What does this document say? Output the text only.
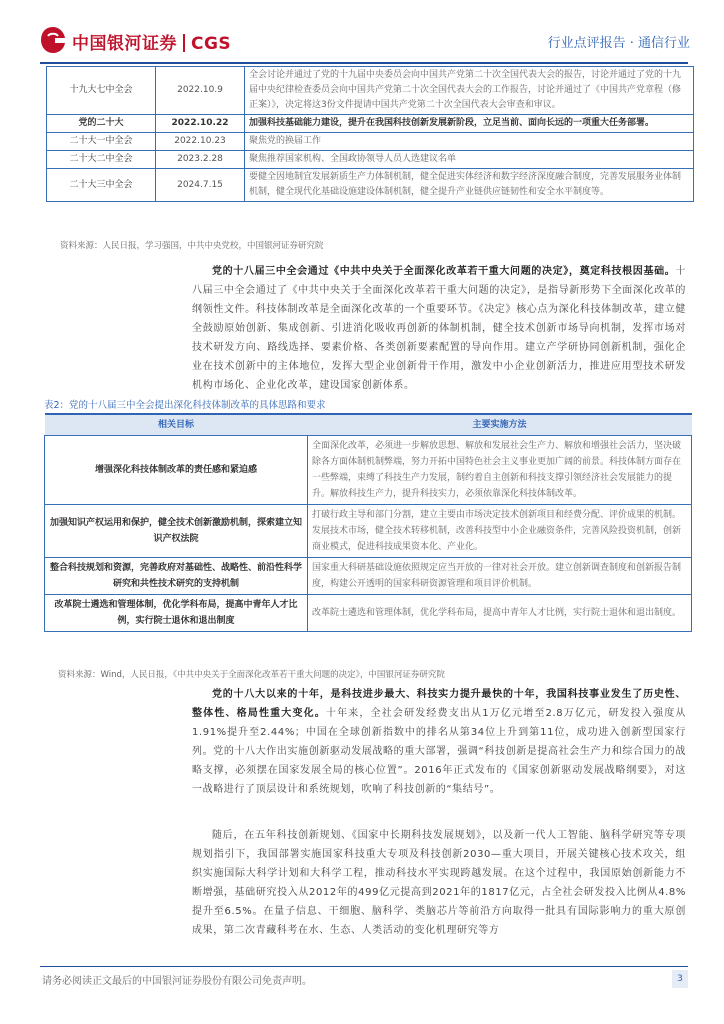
中国银河证券 CGS	行业点评报告 · 通信行业
十九大七中全会	2022.10.9	全会讨论并通过了党的十九届中央委员会向中国共产党第二十次全国代表大会的报告，讨论并通过了党的十九届中央纪律检查委员会向中国共产党第二十次全国代表大会的工作报告，讨论并通过了《中国共产党章程（修正案）》，决定将这3份文件提请中国共产党第二十次全国代表大会审查和审议。
党的二十大	2022.10.22	加强科技基础能力建设，提升在我国科技创新发展新阶段，立足当前、面向长远的一项重大任务部署。
二十大一中全会	2022.10.23	聚焦党的换届工作
二十大二中全会	2023.2.28	聚焦推荐国家机构、全国政协领导人员人选建议名单
二十大三中全会	2024.7.15	要健全因地制宜发展新质生产力体制机制，健全促进实体经济和数字经济深度融合制度，完善发展服务业体制机制，健全现代化基础设施建设体制机制，健全提升产业链供应链韧性和安全水平制度等。
资料来源：人民日报，学习强国，中共中央党校，中国银河证券研究院
党的十八届三中全会通过《中共中央关于全面深化改革若干重大问题的决定》，奠定科技根因基础。十八届三中全会通过了《中共中央关于全面深化改革若干重大问题的决定》，是指导新形势下全面深化改革的纲领性文件。科技体制改革是全面深化改革的一个重要环节。《决定》核心点为深化科技体制改革，建立健全鼓励原始创新、集成创新、引进消化吸收再创新的体制机制，健全技术创新市场导向机制，发挥市场对技术研发方向、路线选择、要素价格、各类创新要素配置的导向作用。建立产学研协同创新机制，强化企业在技术创新中的主体地位，发挥大型企业创新骨干作用，激发中小企业创新活力，推进应用型技术研发机构市场化、企业化改革，建设国家创新体系。
表2：党的十八届三中全会提出深化科技体制改革的具体思路和要求
相关目标	主要实施方法
增强深化科技体制改革的责任感和紧迫感	全面深化改革，必须进一步解放思想、解放和发展社会生产力、解放和增强社会活力，坚决破除各方面体制机制弊端，努力开拓中国特色社会主义事业更加广阔的前景。科技体制方面存在一些弊端，束缚了科技生产力发展，制约着自主创新和科技支撑引领经济社会发展能力的提升。解放科技生产力，提升科技实力，必须依靠深化科技体制改革。
加强知识产权运用和保护，健全技术创新激励机制，探索建立知识产权法院	打破行政主导和部门分割，建立主要由市场决定技术创新项目和经费分配、评价成果的机制。发展技术市场，健全技术转移机制，改善科技型中小企业融资条件，完善风险投资机制，创新商业模式，促进科技成果资本化、产业化。
整合科技规划和资源，完善政府对基础性、战略性、前沿性科学研究和共性技术研究的支持机制	国家重大科研基础设施依照规定应当开放的一律对社会开放。建立创新调查制度和创新报告制度，构建公开透明的国家科研资源管理和项目评价机制。
改革院士遴选和管理体制，优化学科布局，提高中青年人才比例，实行院士退休和退出制度	改革院士遴选和管理体制，优化学科布局，提高中青年人才比例，实行院士退休和退出制度。
资料来源：Wind，人民日报，《中共中央关于全面深化改革若干重大问题的决定》，中国银河证券研究院
党的十八大以来的十年，是科技进步最大、科技实力提升最快的十年，我国科技事业发生了历史性、整体性、格局性重大变化。十年来，全社会研发经费支出从1万亿元增至2.8万亿元，研发投入强度从1.91%提升至2.44%；中国在全球创新指数中的排名从第34位上升到第11位，成功进入创新型国家行列。党的十八大作出实施创新驱动发展战略的重大部署，强调“科技创新是提高社会生产力和综合国力的战略支撑，必须摆在国家发展全局的核心位置”。2016年正式发布的《国家创新驱动发展战略纲要》，对这一战略进行了顶层设计和系统规划，吹响了科技创新的“集结号”。
随后，在五年科技创新规划、《国家中长期科技发展规划》，以及新一代人工智能、脑科学研究等专项规划指引下，我国部署实施国家科技重大专项及科技创新2030—重大项目，开展关键核心技术攻关，组织实施国际大科学计划和大科学工程，推动科技水平实现跨越发展。在这个过程中，我国原始创新能力不断增强，基础研究投入从2012年的499亿元提高到2021年的1817亿元，占全社会研发投入比例从4.8%提升至6.5%。在量子信息、干细胞、脑科学、类脑芯片等前沿方向取得一批具有国际影响力的重大原创成果，第二次青藏科考在水、生态、人类活动的变化机理研究等方
请务必阅读正文最后的中国银河证券股份有限公司免责声明。	3
